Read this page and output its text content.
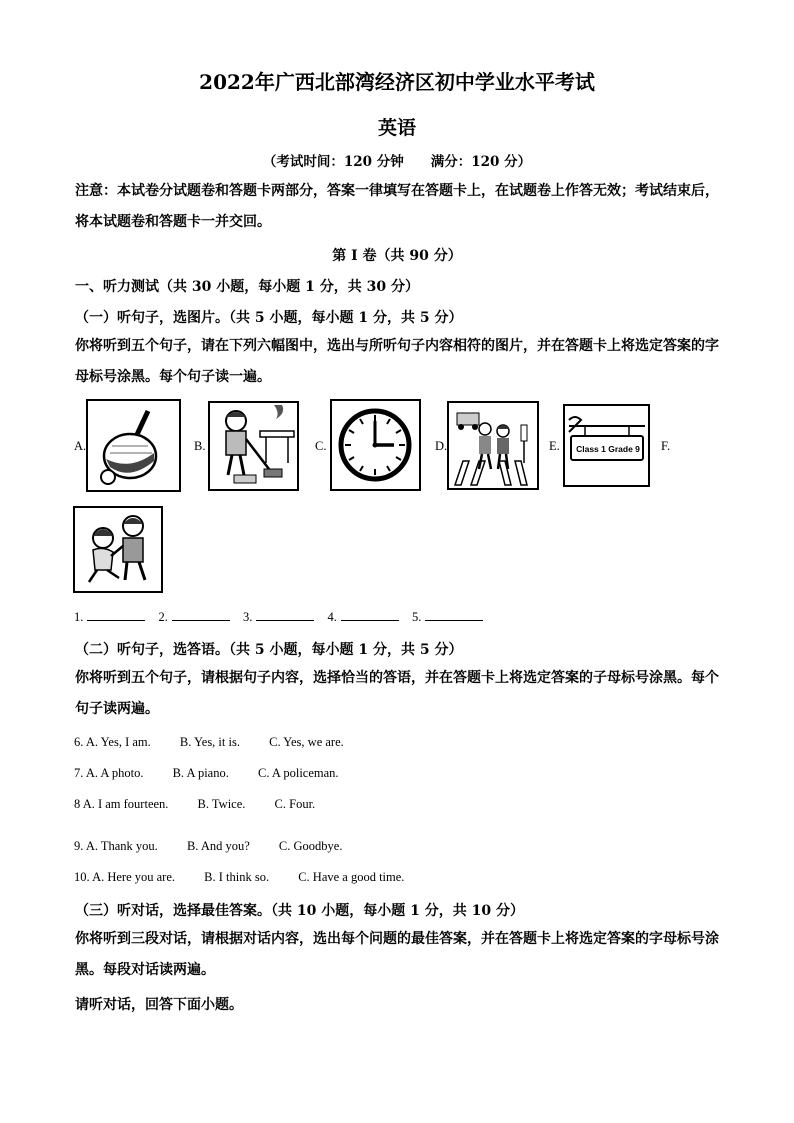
2022年广西北部湾经济区初中学业水平考试
英语
（考试时间：120 分钟　　满分：120 分）
注意：本试卷分试题卷和答题卡两部分，答案一律填写在答题卡上，在试题卷上作答无效；考试结束后，将本试题卷和答题卡一并交回。
第 I 卷（共 90 分）
一、听力测试（共 30 小题，每小题 1 分，共 30 分）
（一）听句子，选图片。（共 5 小题，每小题 1 分，共 5 分）
你将听到五个句子，请在下列六幅图中，选出与所听句子内容相符的图片，并在答题卡上将选定答案的字母标号涂黑。每个句子读一遍。
A.	B.	C.	D.	E.	Class 1 Grade 9 F.
1.	2.	3.	4.	5.
（二）听句子，选答语。（共 5 小题，每小题 1 分，共 5 分）
你将听到五个句子，请根据句子内容，选择恰当的答语，并在答题卡上将选定答案的子母标号涂黑。每个句子读两遍。
6. A. Yes, I am. B. Yes, it is. C. Yes, we are.
7. A. A photo. B. A piano. C. A policeman.
8 A. I am fourteen. B. Twice. C. Four.
9. A. Thank you. B. And you? C. Goodbye.
10. A. Here you are. B. I think so. C. Have a good time.
（三）听对话，选择最佳答案。（共 10 小题，每小题 1 分，共 10 分）
你将听到三段对话，请根据对话内容，选出每个问题的最佳答案，并在答题卡上将选定答案的字母标号涂黑。每段对话读两遍。
请听对话，回答下面小题。
